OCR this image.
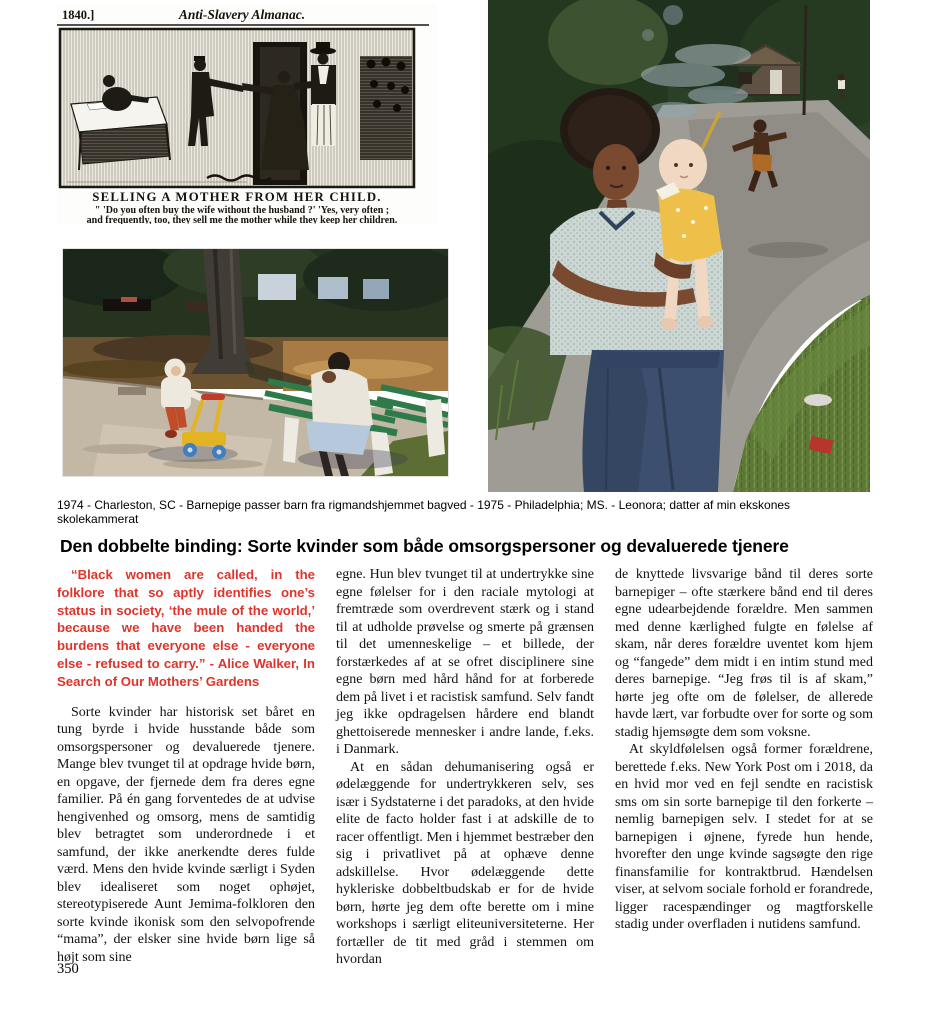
1840.]	Anti-Slavery Almanac.
SELLING A MOTHER FROM HER CHILD.
" 'Do you often buy the wife without the husband ?' 'Yes, very often ;
and frequently, too, they sell me the mother while they keep her children.
1974 - Charleston, SC - Barnepige passer barn fra rigmandshjemmet bagved - 1975 - Philadelphia; MS. - Leonora; datter af min ekskones skolekammerat
Den dobbelte binding: Sorte kvinder som både omsorgspersoner og devaluerede tjenere

“Black women are called, in the folklore that so aptly identifies one’s status in society, ‘the mule of the world,’ because we have been handed the burdens that everyone else - everyone else - refused to carry.” - Alice Walker, In Search of Our Mothers’ Gardens

Sorte kvinder har historisk set båret en tung byrde i hvide husstande både som omsorgspersoner og devaluerede tjenere. Mange blev tvunget til at opdrage hvide børn, en opgave, der fjernede dem fra deres egne familier. På én gang forventedes de at udvise hengivenhed og omsorg, mens de samtidig blev betragtet som underordnede i et samfund, der ikke anerkendte deres fulde værd. Mens den hvide kvinde særligt i Syden blev idealiseret som noget ophøjet, stereotypiserede Aunt Jemima-folkloren den sorte kvinde ikonisk som den selvopofrende “mama”, der elsker sine hvide børn lige så højt som sine

egne. Hun blev tvunget til at undertrykke sine egne følelser for i den raciale mytologi at fremtræde som overdrevent stærk og i stand til at udholde prøvelse og smerte på grænsen til det umenneskelige – et billede, der forstærkedes af at se ofret disciplinere sine egne børn med hård hånd for at forberede dem på livet i et racistisk samfund. Selv fandt jeg ikke opdragelsen hårdere end blandt ghettoiserede mennesker i andre lande, f.eks. i Danmark.

At en sådan dehumanisering også er ødelæggende for undertrykkeren selv, ses især i Sydstaterne i det paradoks, at den hvide elite de facto holder fast i at adskille de to racer offentligt. Men i hjemmet bestræber den sig i privatlivet på at ophæve denne adskillelse. Hvor ødelæggende dette hykleriske dobbeltbudskab er for de hvide børn, hørte jeg dem ofte berette om i mine workshops i særligt eliteuniversiteterne. Her fortæller de tit med gråd i stemmen om hvordan

de knyttede livsvarige bånd til deres sorte barnepiger – ofte stærkere bånd end til deres egne udearbejdende forældre. Men sammen med denne kærlighed fulgte en følelse af skam, når deres forældre uventet kom hjem og “fangede” dem midt i en intim stund med deres barnepige. “Jeg frøs til is af skam,” hørte jeg ofte om de følelser, de allerede havde lært, var forbudte over for sorte og som stadig hjemsøgte dem som voksne.

At skyldfølelsen også former forældrene, berettede f.eks. New York Post om i 2018, da en hvid mor ved en fejl sendte en racistisk sms om sin sorte barnepige til den forkerte – nemlig barnepigen selv. I stedet for at se barnepigen i øjnene, fyrede hun hende, hvorefter den unge kvinde sagsøgte den rige finansfamilie for kontraktbrud. Hændelsen viser, at selvom sociale forhold er forandrede, ligger racespændinger og magtforskelle stadig under overfladen i nutidens samfund.

350
